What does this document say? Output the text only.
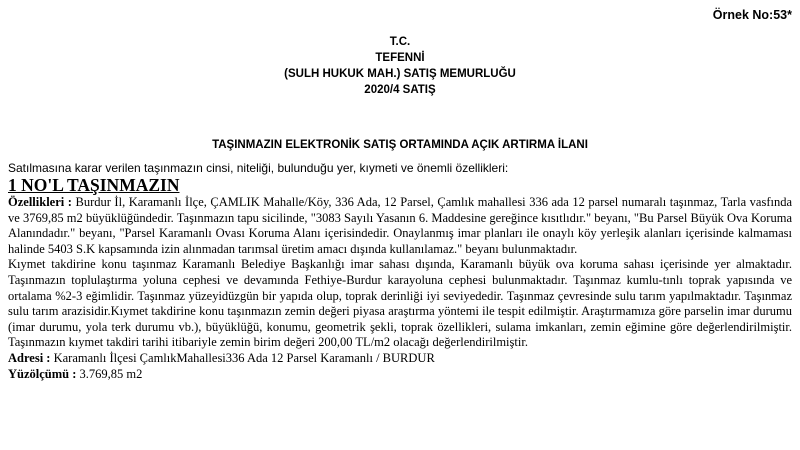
Örnek No:53*
T.C.
TEFENNİ
(SULH HUKUK MAH.) SATIŞ MEMURLUĞU
2020/4 SATIŞ
TAŞINMAZIN ELEKTRONİK SATIŞ ORTAMINDA AÇIK ARTIRMA İLANI
Satılmasına karar verilen taşınmazın cinsi, niteliği, bulunduğu yer, kıymeti ve önemli özellikleri:
1 NO'L TAŞINMAZIN

Özellikleri : Burdur İl, Karamanlı İlçe, ÇAMLIK Mahalle/Köy, 336 Ada, 12 Parsel, Çamlık mahallesi 336 ada 12 parsel numaralı taşınmaz, Tarla vasfında ve 3769,85 m2 büyüklüğündedir. Taşınmazın tapu sicilinde, "3083 Sayılı Yasanın 6. Maddesine gereğince kısıtlıdır." beyanı, "Bu Parsel Büyük Ova Koruma Alanındadır." beyanı, "Parsel Karamanlı Ovası Koruma Alanı içerisindedir. Onaylanmış imar planları ile onaylı köy yerleşik alanları içerisinde kalmaması halinde 5403 S.K kapsamında izin alınmadan tarımsal üretim amacı dışında kullanılamaz." beyanı bulunmaktadır.

Kıymet takdirine konu taşınmaz Karamanlı Belediye Başkanlığı imar sahası dışında, Karamanlı büyük ova koruma sahası içerisinde yer almaktadır. Taşınmazın toplulaştırma yoluna cephesi ve devamında Fethiye-Burdur karayoluna cephesi bulunmaktadır. Taşınmaz kumlu-tınlı toprak yapısında ve ortalama %2-3 eğimlidir. Taşınmaz yüzeyidüzgün bir yapıda olup, toprak derinliği iyi seviyededir. Taşınmaz çevresinde sulu tarım yapılmaktadır. Taşınmaz sulu tarım arazisidir.Kıymet takdirine konu taşınmazın zemin değeri piyasa araştırma yöntemi ile tespit edilmiştir. Araştırmamıza göre parselin imar durumu (imar durumu, yola terk durumu vb.), büyüklüğü, konumu, geometrik şekli, toprak özellikleri, sulama imkanları, zemin eğimine göre değerlendirilmiştir. Taşınmazın kıymet takdiri tarihi itibariyle zemin birim değeri 200,00 TL/m2 olacağı değerlendirilmiştir.

Adresi : Karamanlı İlçesi ÇamlıkMahallesi336 Ada 12 Parsel Karamanlı / BURDUR

Yüzölçümü : 3.769,85 m2
